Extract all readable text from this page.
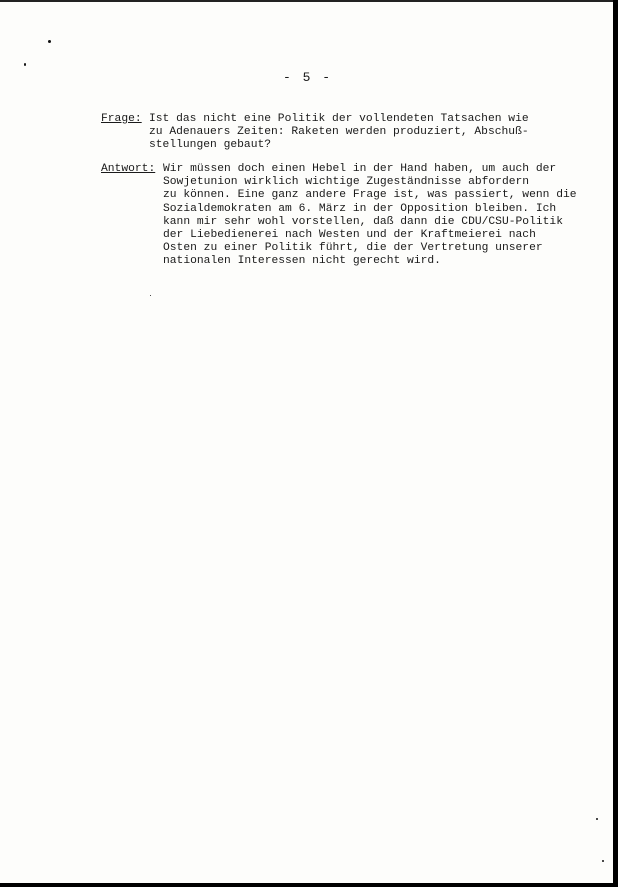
- 5 -
Frage: Ist das nicht eine Politik der vollendeten Tatsachen wie
zu Adenauers Zeiten: Raketen werden produziert, Abschuß-
stellungen gebaut?
Antwort: Wir müssen doch einen Hebel in der Hand haben, um auch der
Sowjetunion wirklich wichtige Zugeständnisse abfordern
zu können. Eine ganz andere Frage ist, was passiert, wenn die
Sozialdemokraten am 6. März in der Opposition bleiben. Ich
kann mir sehr wohl vorstellen, daß dann die CDU/CSU-Politik
der Liebedienerei nach Westen und der Kraftmeierei nach
Osten zu einer Politik führt, die der Vertretung unserer
nationalen Interessen nicht gerecht wird.
